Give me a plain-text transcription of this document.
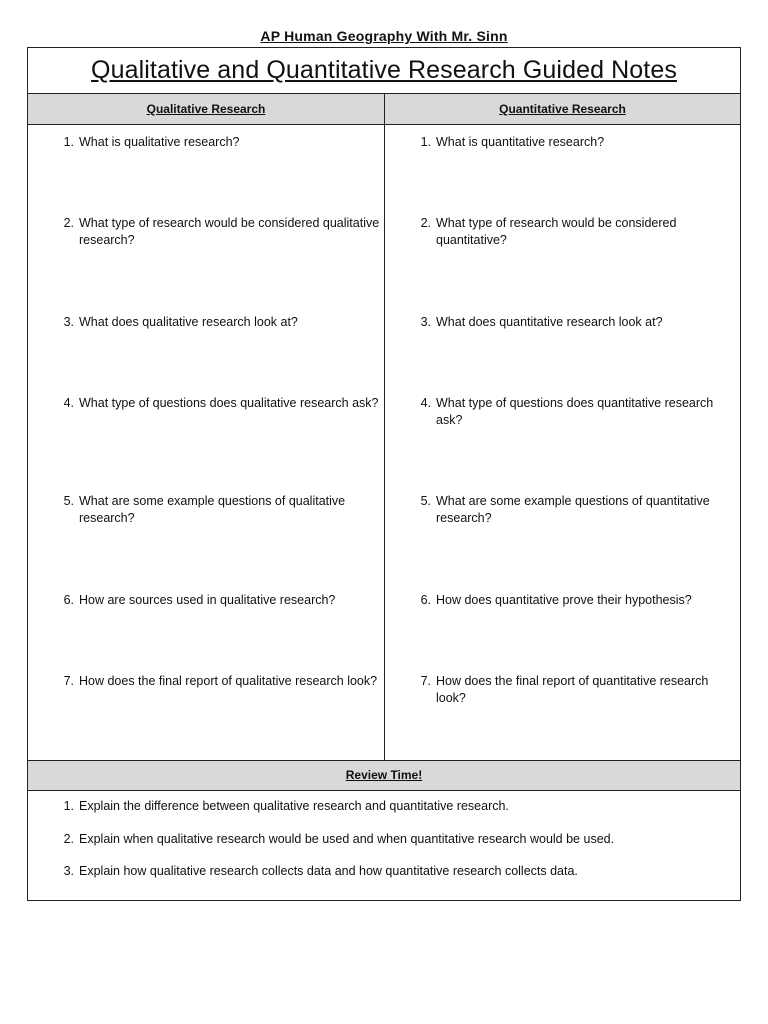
AP Human Geography With Mr. Sinn
Qualitative and Quantitative Research Guided Notes
Qualitative Research	Quantitative Research
1. What is qualitative research?
2. What type of research would be considered qualitative research?
3. What does qualitative research look at?
4. What type of questions does qualitative research ask?
5. What are some example questions of qualitative research?
6. How are sources used in qualitative research?
7. How does the final report of qualitative research look?
1. What is quantitative research?
2. What type of research would be considered quantitative?
3. What does quantitative research look at?
4. What type of questions does quantitative research ask?
5. What are some example questions of quantitative research?
6. How does quantitative prove their hypothesis?
7. How does the final report of quantitative research look?
Review Time!
1. Explain the difference between qualitative research and quantitative research.
2. Explain when qualitative research would be used and when quantitative research would be used.
3. Explain how qualitative research collects data and how quantitative research collects data.
